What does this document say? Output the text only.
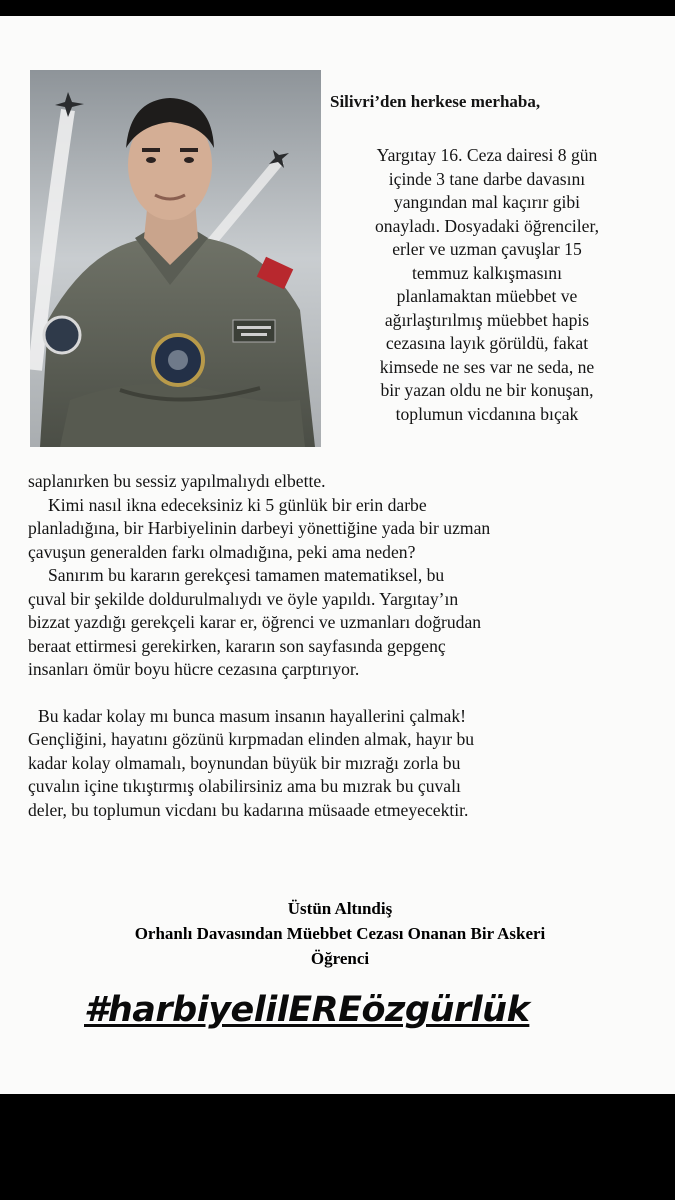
Silivri’den herkese merhaba,
Yargıtay 16. Ceza dairesi 8 gün
içinde 3 tane darbe davasını
yangından mal kaçırır gibi
onayladı. Dosyadaki öğrenciler,
erler ve uzman çavuşlar 15
temmuz kalkışmasını
planlamaktan müebbet ve
ağırlaştırılmış müebbet hapis
cezasına layık görüldü, fakat
kimsede ne ses var ne seda, ne
bir yazan oldu ne bir konuşan,
toplumun vicdanına bıçak
saplanırken bu sessiz yapılmalıydı elbette.
Kimi nasıl ikna edeceksiniz ki 5 günlük bir erin darbe
planladığına, bir Harbiyelinin darbeyi yönettiğine yada bir uzman
çavuşun generalden farkı olmadığına, peki ama neden?
Sanırım bu kararın gerekçesi tamamen matematiksel, bu
çuval bir şekilde doldurulmalıydı ve öyle yapıldı. Yargıtay’ın
bizzat yazdığı gerekçeli karar er, öğrenci ve uzmanları doğrudan
beraat ettirmesi gerekirken, kararın son sayfasında gepgenç
insanları ömür boyu hücre cezasına çarptırıyor.
Bu kadar kolay mı bunca masum insanın hayallerini çalmak!
Gençliğini, hayatını gözünü kırpmadan elinden almak, hayır bu
kadar kolay olmamalı, boynundan büyük bir mızrağı zorla bu
çuvalın içine tıkıştırmış olabilirsiniz ama bu mızrak bu çuvalı
deler, bu toplumun vicdanı bu kadarına müsaade etmeyecektir.
Üstün Altındiş
Orhanlı Davasından Müebbet Cezası Onanan Bir Askeri
Öğrenci
#harbiyelilEREözgürlük
